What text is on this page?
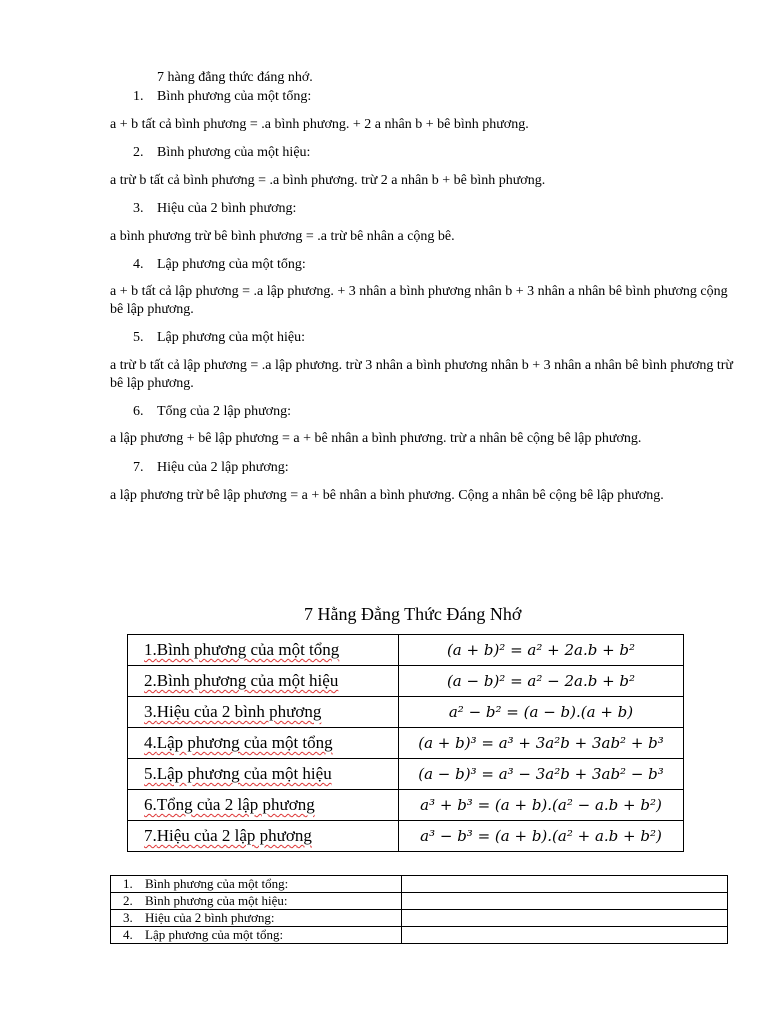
7 hàng đẳng thức đáng nhớ.
1. Bình phương của một tổng:
a + b tất cả bình phương = .a bình phương. + 2 a nhân b + bê bình phương.
2. Bình phương của một hiệu:
a trừ b tất cả bình phương = .a bình phương. trừ 2 a nhân b + bê bình phương.
3. Hiệu của 2 bình phương:
a bình phương trừ bê bình phương = .a trừ bê nhân a cộng bê.
4. Lập phương của một tổng:
a + b tất cả lập phương = .a lập phương. + 3 nhân a bình phương nhân b + 3 nhân a nhân bê bình phương cộng bê lập phương.
5. Lập phương của một hiệu:
a trừ b tất cả lập phương = .a lập phương. trừ 3 nhân a bình phương nhân b + 3 nhân a nhân bê bình phương trừ bê lập phương.
6. Tổng của 2 lập phương:
a lập phương + bê lập phương = a + bê nhân a bình phương. trừ a nhân bê cộng bê lập phương.
7. Hiệu của 2 lập phương:
a lập phương trừ bê lập phương = a + bê nhân a bình phương. Cộng a nhân bê cộng bê lập phương.
7 Hằng Đẳng Thức Đáng Nhớ
1.Bình phương của một tổng	(a + b)² = a² + 2a.b + b²
2.Bình phương của một hiệu	(a − b)² = a² − 2a.b + b²
3.Hiệu của 2 bình phương	a² − b² = (a − b).(a + b)
4.Lập phương của một tổng	(a + b)³ = a³ + 3a²b + 3ab² + b³
5.Lập phương của một hiệu	(a − b)³ = a³ − 3a²b + 3ab² − b³
6.Tổng của 2 lập phương	a³ + b³ = (a + b).(a² − a.b + b²)
7.Hiệu của 2 lập phương	a³ − b³ = (a + b).(a² + a.b + b²)
1. Bình phương của một tổng:	
2. Bình phương của một hiệu:	
3. Hiệu của 2 bình phương:	
4. Lập phương của một tổng:	
